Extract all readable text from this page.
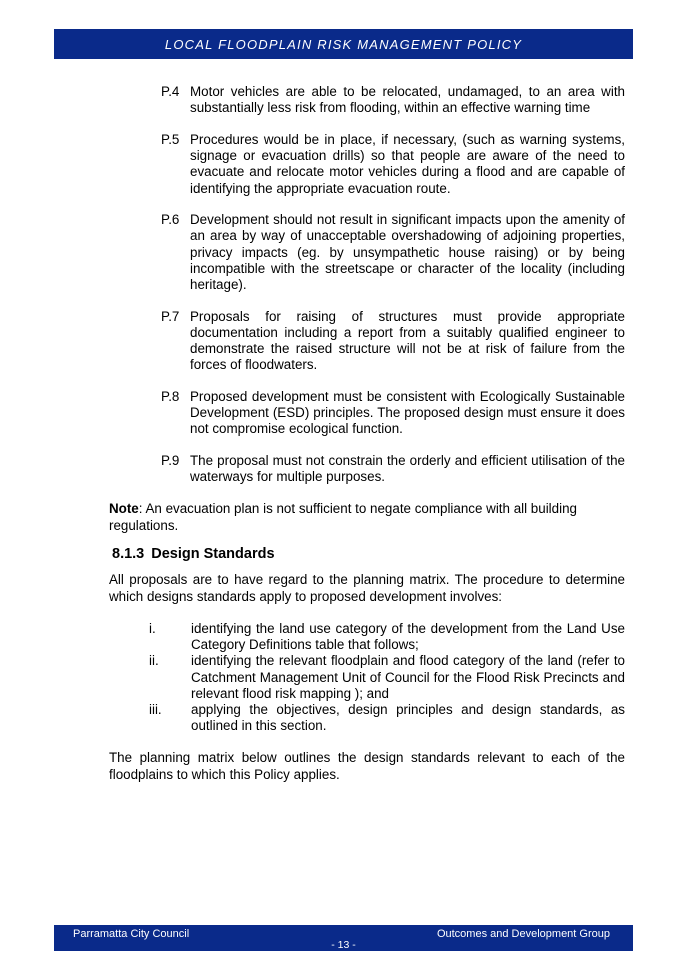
LOCAL FLOODPLAIN RISK MANAGEMENT POLICY
P.4 Motor vehicles are able to be relocated, undamaged, to an area with substantially less risk from flooding, within an effective warning time
P.5 Procedures would be in place, if necessary, (such as warning systems, signage or evacuation drills) so that people are aware of the need to evacuate and relocate motor vehicles during a flood and are capable of identifying the appropriate evacuation route.
P.6 Development should not result in significant impacts upon the amenity of an area by way of unacceptable overshadowing of adjoining properties, privacy impacts (eg. by unsympathetic house raising) or by being incompatible with the streetscape or character of the locality (including heritage).
P.7 Proposals for raising of structures must provide appropriate documentation including a report from a suitably qualified engineer to demonstrate the raised structure will not be at risk of failure from the forces of floodwaters.
P.8 Proposed development must be consistent with Ecologically Sustainable Development (ESD) principles. The proposed design must ensure it does not compromise ecological function.
P.9 The proposal must not constrain the orderly and efficient utilisation of the waterways for multiple purposes.

Note: An evacuation plan is not sufficient to negate compliance with all building regulations.

8.1.3 Design Standards

All proposals are to have regard to the planning matrix. The procedure to determine which designs standards apply to proposed development involves:

i.	identifying the land use category of the development from the Land Use Category Definitions table that follows;
ii.	identifying the relevant floodplain and flood category of the land (refer to Catchment Management Unit of Council for the Flood Risk Precincts and relevant flood risk mapping ); and
iii.	applying the objectives, design principles and design standards, as outlined in this section.

The planning matrix below outlines the design standards relevant to each of the floodplains to which this Policy applies.

Parramatta City Council	Outcomes and Development Group
- 13 -
